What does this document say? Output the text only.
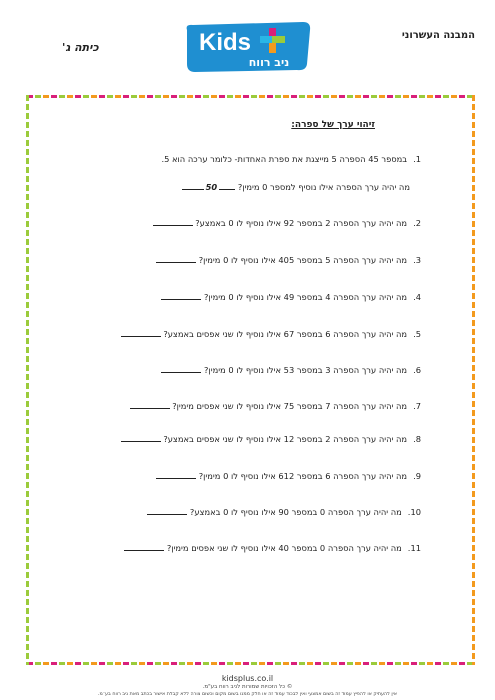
המבנה העשרוני
כיתה ג'	Kids
ניב רווח
זיהוי ערך של ספרה:
1.במספר 45 הספרה 5 מייצגת את ספרת האחדות- כלומר ערכה הוא 5.
מה יהיה ערך הספרה אילו נוסיף למספר 0 מימין? 50
2.מה יהיה ערך הספרה 2 במספר 92 אילו נוסיף לו 0 באמצע?
3.מה יהיה ערך הספרה 5 במספר 405 אילו נוסיף לו 0 מימין?
4.מה יהיה ערך הספרה 4 במספר 49 אילו נוסיף לו 0 מימין?
5.מה יהיה ערך הספרה 6 במספר 67 אילו נוסיף לו שני אפסים באמצע?
6.מה יהיה ערך הספרה 3 במספר 53 אילו נוסיף לו 0 מימין?
7.מה יהיה ערך הספרה 7 במספר 75 אילו נוסיף לו שני אפסים מימין?
8.מה יהיה ערך הספרה 2 במספר 12 אילו נוסיף לו שני אפסים באמצע?
9.מה יהיה ערך הספרה 6 במספר 612 אילו נוסיף לו 0 מימין?
10.מה יהיה ערך הספרה 0 במספר 90 אילו נוסיף לו 0 באמצע?
11.מה יהיה ערך הספרה 0 במספר 40 אילו נוסיף לו שני אפסים מימין?
kidsplus.co.il
© כל הזכויות שמורות לניב רווח בע"מ.
אין להעתיק או להפיץ עמוד זה בשום אמצעי ואין לבכוד עמוד זה או חלק ממנו בשום מקום וכשום צורה ללא קבלת אישור בכתב מאת ניב רווח בע"מ.
